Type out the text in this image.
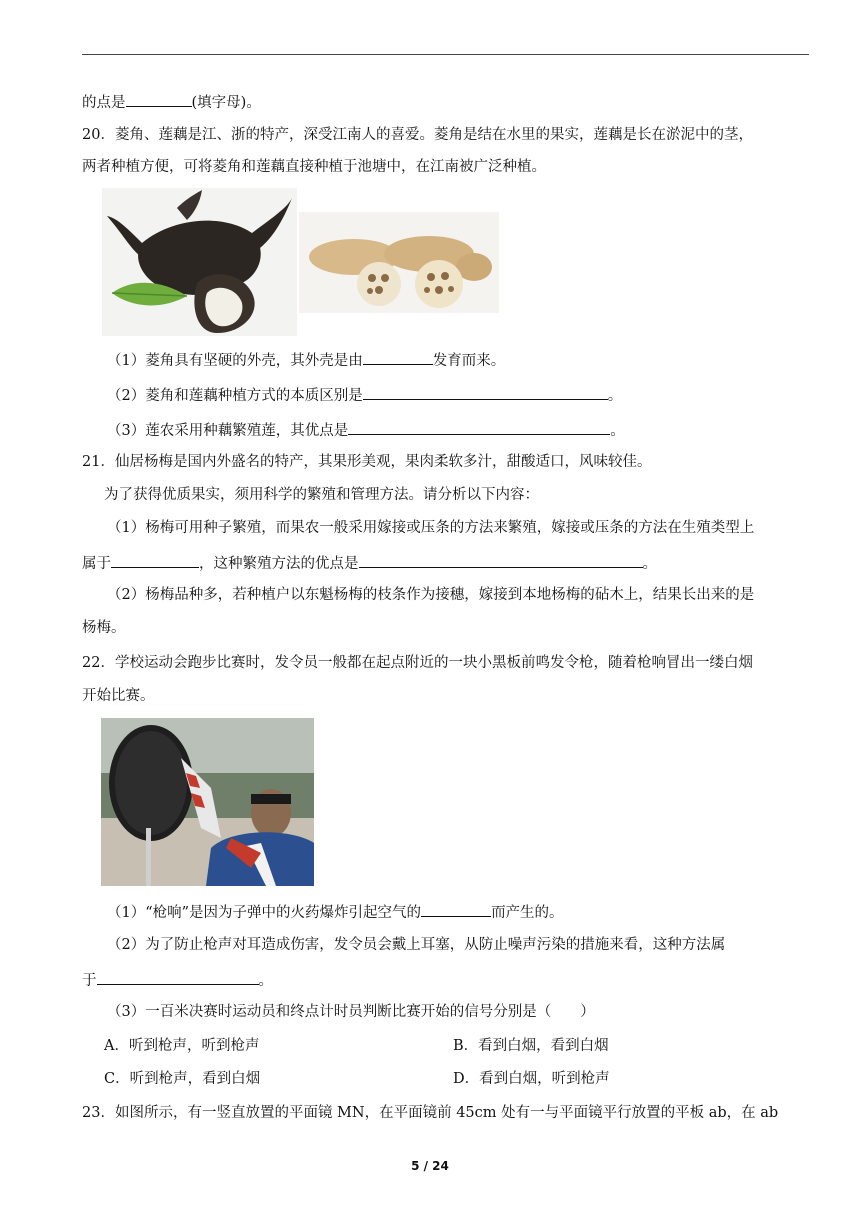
的点是	(填字母)。
20．菱角、莲藕是江、浙的特产，深受江南人的喜爱。菱角是结在水里的果实，莲藕是长在淤泥中的茎，
两者种植方便，可将菱角和莲藕直接种植于池塘中，在江南被广泛种植。
（1）菱角具有坚硬的外壳，其外壳是由	发育而来。
（2）菱角和莲藕种植方式的本质区别是	。
（3）莲农采用种藕繁殖莲，其优点是	。
21．仙居杨梅是国内外盛名的特产，其果形美观，果肉柔软多汁，甜酸适口，风味较佳。
为了获得优质果实，须用科学的繁殖和管理方法。请分析以下内容：
（1）杨梅可用种子繁殖，而果农一般采用嫁接或压条的方法来繁殖，嫁接或压条的方法在生殖类型上
属于	，这种繁殖方法的优点是	。
（2）杨梅品种多，若种植户以东魁杨梅的枝条作为接穗，嫁接到本地杨梅的砧木上，结果长出来的是
杨梅。
22．学校运动会跑步比赛时，发令员一般都在起点附近的一块小黑板前鸣发令枪，随着枪响冒出一缕白烟
开始比赛。
（1）“枪响”是因为子弹中的火药爆炸引起空气的	而产生的。
（2）为了防止枪声对耳造成伤害，发令员会戴上耳塞，从防止噪声污染的措施来看，这种方法属
于	。
（3）一百米决赛时运动员和终点计时员判断比赛开始的信号分别是（　　）
A．听到枪声，听到枪声	B．看到白烟，看到白烟
C．听到枪声，看到白烟	D．看到白烟，听到枪声
23．如图所示，有一竖直放置的平面镜 MN，在平面镜前 45cm 处有一与平面镜平行放置的平板 ab，在 ab
5 / 24
